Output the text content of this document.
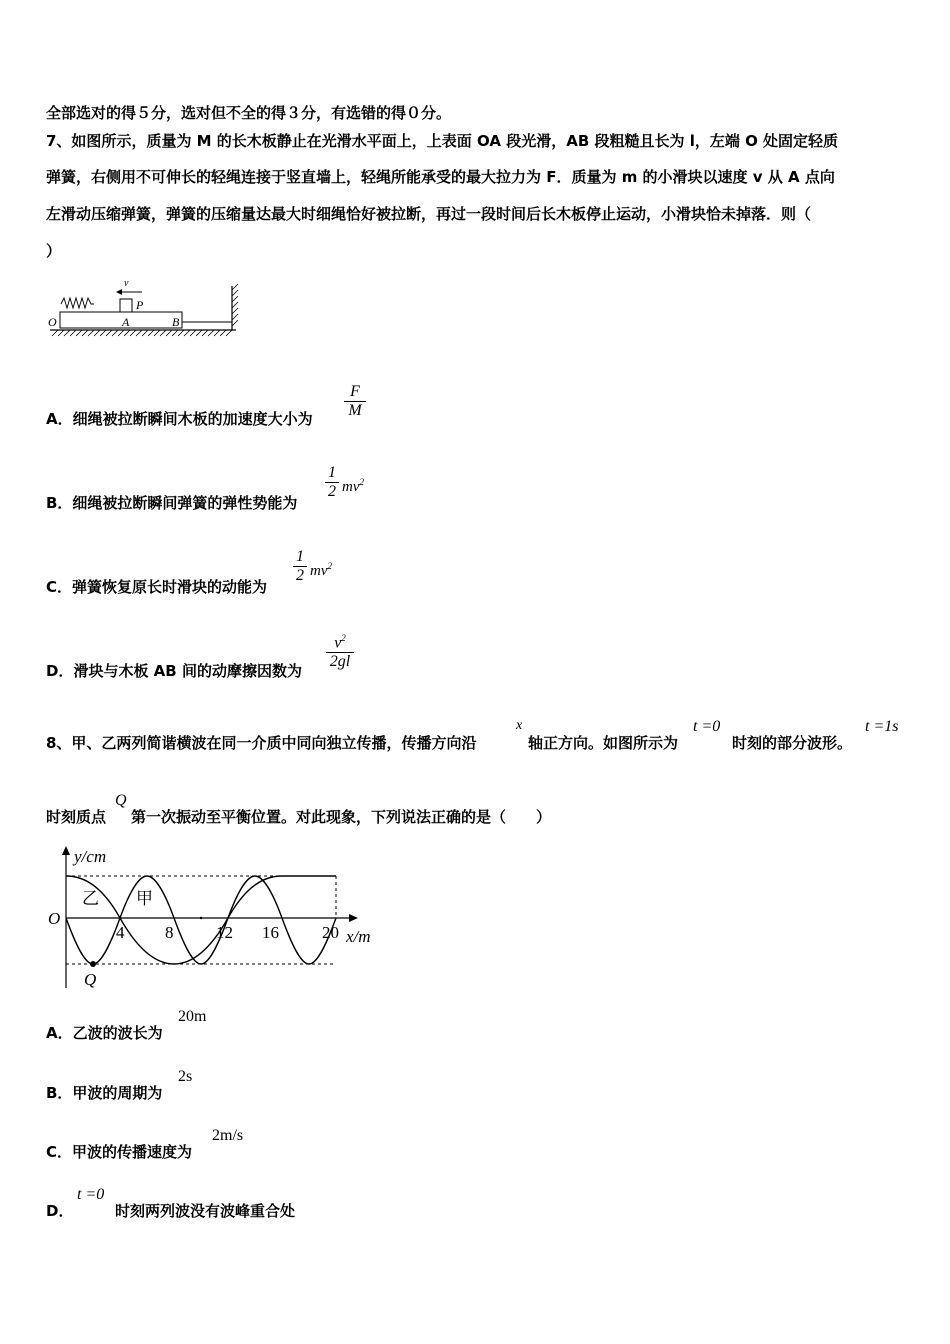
全部选对的得５分，选对但不全的得３分，有选错的得０分。
7、如图所示，质量为 M 的长木板静止在光滑水平面上，上表面 OA 段光滑，AB 段粗糙且长为 l，左端 O 处固定轻质
弹簧，右侧用不可伸长的轻绳连接于竖直墙上，轻绳所能承受的最大拉力为 F．质量为 m 的小滑块以速度 v 从 A 点向
左滑动压缩弹簧，弹簧的压缩量达最大时细绳恰好被拉断，再过一段时间后长木板停止运动，小滑块恰未掉落．则（
）
v
P
O	A	B
A．细绳被拉断瞬间木板的加速度大小为
F
M
B．细绳被拉断瞬间弹簧的弹性势能为
1
2 $mv^2$
C．弹簧恢复原长时滑块的动能为
1
2 $mv^2$
D．滑块与木板 AB 间的动摩擦因数为
$v^2$
2gl
8、甲、乙两列简谐横波在同一介质中同向独立传播，传播方向沿
x
轴正方向。如图所示为
t =0
时刻的部分波形。
t =1s
时刻质点
Q
第一次振动至平衡位置。对此现象，下列说法正确的是（　　）
y/cm
O
x/m
4 8	12 16	20
乙 甲
Q
A．乙波的波长为
20m
B．甲波的周期为
2s
C．甲波的传播速度为
2m/s
D．
t =0
时刻两列波没有波峰重合处
